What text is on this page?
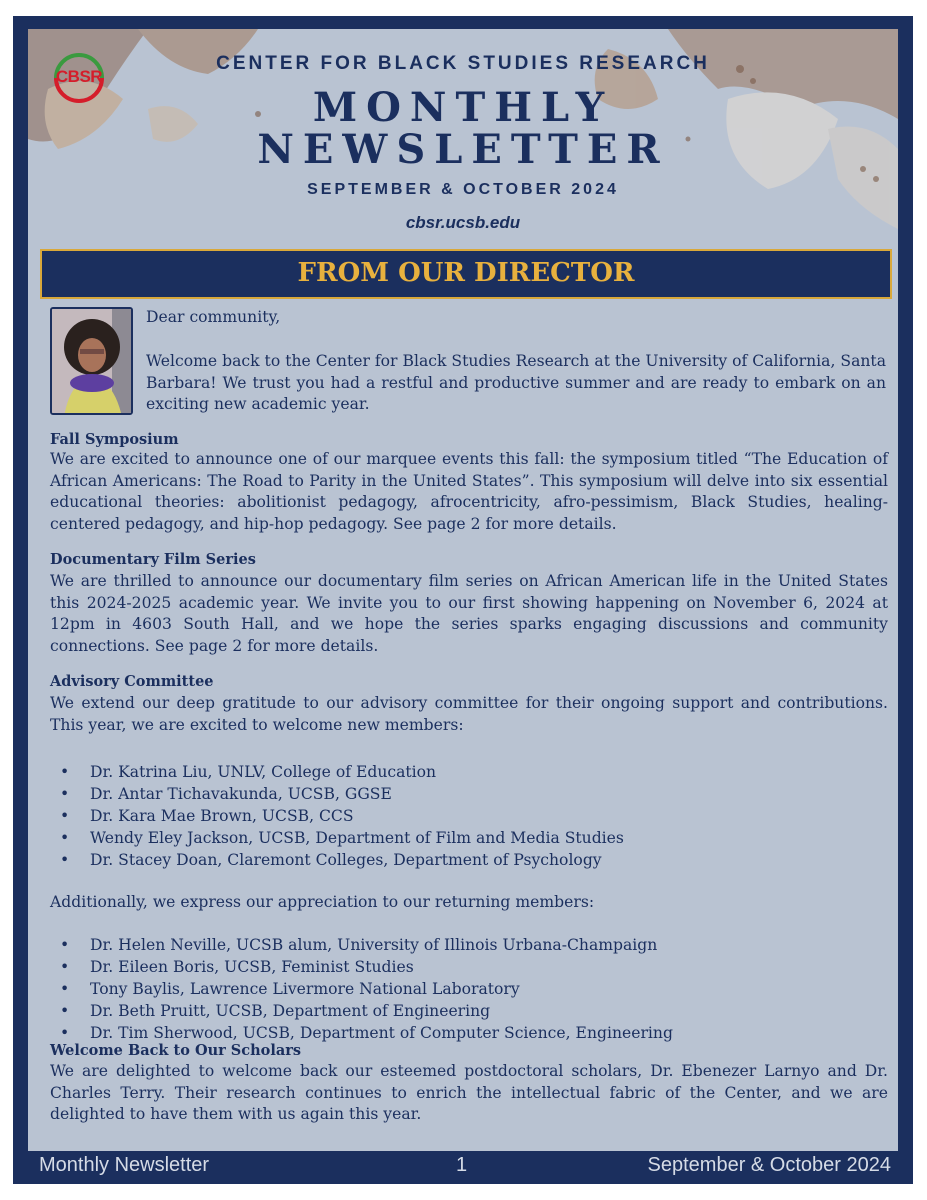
CBSR
CENTER FOR BLACK STUDIES RESEARCH
MONTHLY
NEWSLETTER
SEPTEMBER & OCTOBER 2024
cbsr.ucsb.edu
FROM OUR DIRECTOR
Dear community,
Welcome back to the Center for Black Studies Research at the University of California, Santa Barbara! We trust you had a restful and productive summer and are ready to embark on an exciting new academic year.
Fall Symposium
We are excited to announce one of our marquee events this fall: the symposium titled “The Education of African Americans: The Road to Parity in the United States”. This symposium will delve into six essential educational theories: abolitionist pedagogy, afrocentricity, afro-pessimism, Black Studies, healing-centered pedagogy, and hip-hop pedagogy. See page 2 for more details.
Documentary Film Series
We are thrilled to announce our documentary film series on African American life in the United States this 2024-2025 academic year. We invite you to our first showing happening on November 6, 2024 at 12pm in 4603 South Hall, and we hope the series sparks engaging discussions and community connections. See page 2 for more details.
Advisory Committee
We extend our deep gratitude to our advisory committee for their ongoing support and contributions. This year, we are excited to welcome new members:
• Dr. Katrina Liu, UNLV, College of Education
• Dr. Antar Tichavakunda, UCSB, GGSE
• Dr. Kara Mae Brown, UCSB, CCS
• Wendy Eley Jackson, UCSB, Department of Film and Media Studies
• Dr. Stacey Doan, Claremont Colleges, Department of Psychology
Additionally, we express our appreciation to our returning members:
• Dr. Helen Neville, UCSB alum, University of Illinois Urbana-Champaign
• Dr. Eileen Boris, UCSB, Feminist Studies
• Tony Baylis, Lawrence Livermore National Laboratory
• Dr. Beth Pruitt, UCSB, Department of Engineering
• Dr. Tim Sherwood, UCSB, Department of Computer Science, Engineering
Welcome Back to Our Scholars
We are delighted to welcome back our esteemed postdoctoral scholars, Dr. Ebenezer Larnyo and Dr. Charles Terry. Their research continues to enrich the intellectual fabric of the Center, and we are delighted to have them with us again this year.
Monthly Newsletter	1	September & October 2024
